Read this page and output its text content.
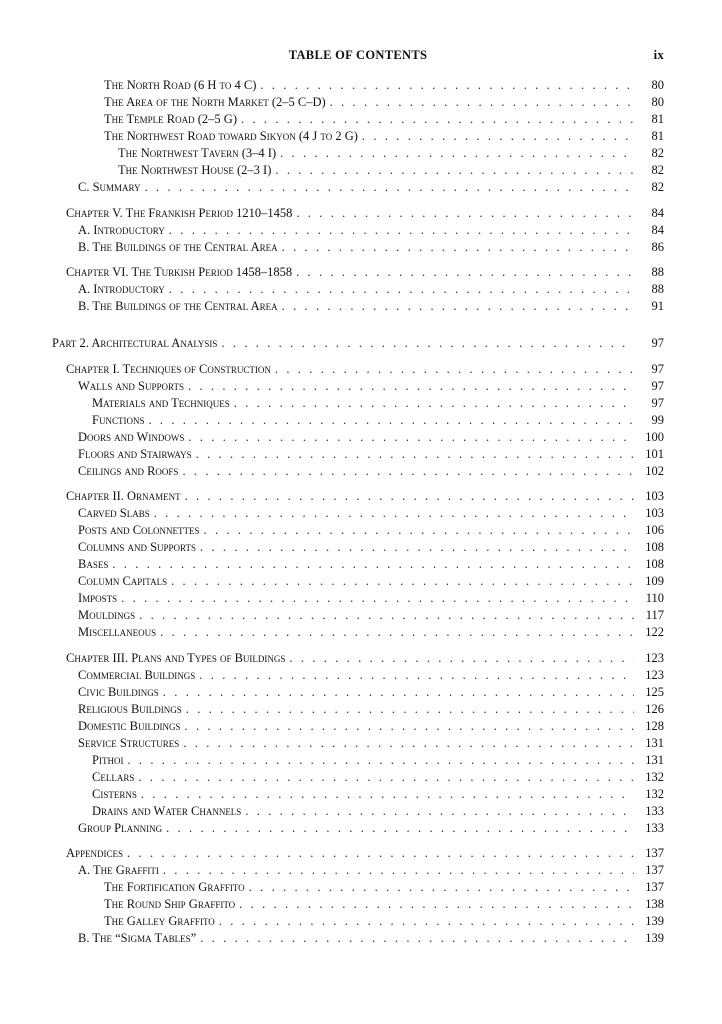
TABLE OF CONTENTS	ix
The North Road (6 H to 4 C) . . .	80
The Area of the North Market (2–5 C–D) . . .	80
The Temple Road (2–5 G) . . .	81
The Northwest Road toward Sikyon (4 J to 2 G) . . .	81
The Northwest Tavern (3–4 I) . . .	82
The Northwest House (2–3 I) . . .	82
C. Summary . . .	82
Chapter V. The Frankish Period 1210–1458 . . .	84
A. Introductory . . .	84
B. The Buildings of the Central Area . . .	86
Chapter VI. The Turkish Period 1458–1858 . . .	88
A. Introductory . . .	88
B. The Buildings of the Central Area . . .	91
Part 2. Architectural Analysis . . .	97
Chapter I. Techniques of Construction . . .	97
Walls and Supports . . .	97
Materials and Techniques . . .	97
Functions . . .	99
Doors and Windows . . .	100
Floors and Stairways . . .	101
Ceilings and Roofs . . .	102
Chapter II. Ornament . . .	103
Carved Slabs . . .	103
Posts and Colonnettes . . .	106
Columns and Supports . . .	108
Bases . . .	108
Column Capitals . . .	109
Imposts . . .	110
Mouldings . . .	117
Miscellaneous . . .	122
Chapter III. Plans and Types of Buildings . . .	123
Commercial Buildings . . .	123
Civic Buildings . . .	125
Religious Buildings . . .	126
Domestic Buildings . . .	128
Service Structures . . .	131
Pithoi . . .	131
Cellars . . .	132
Cisterns . . .	132
Drains and Water Channels . . .	133
Group Planning . . .	133
Appendices . . .	137
A. The Graffiti . . .	137
The Fortification Graffito . . .	137
The Round Ship Graffito . . .	138
The Galley Graffito . . .	139
B. The “Sigma Tables” . . .	139
